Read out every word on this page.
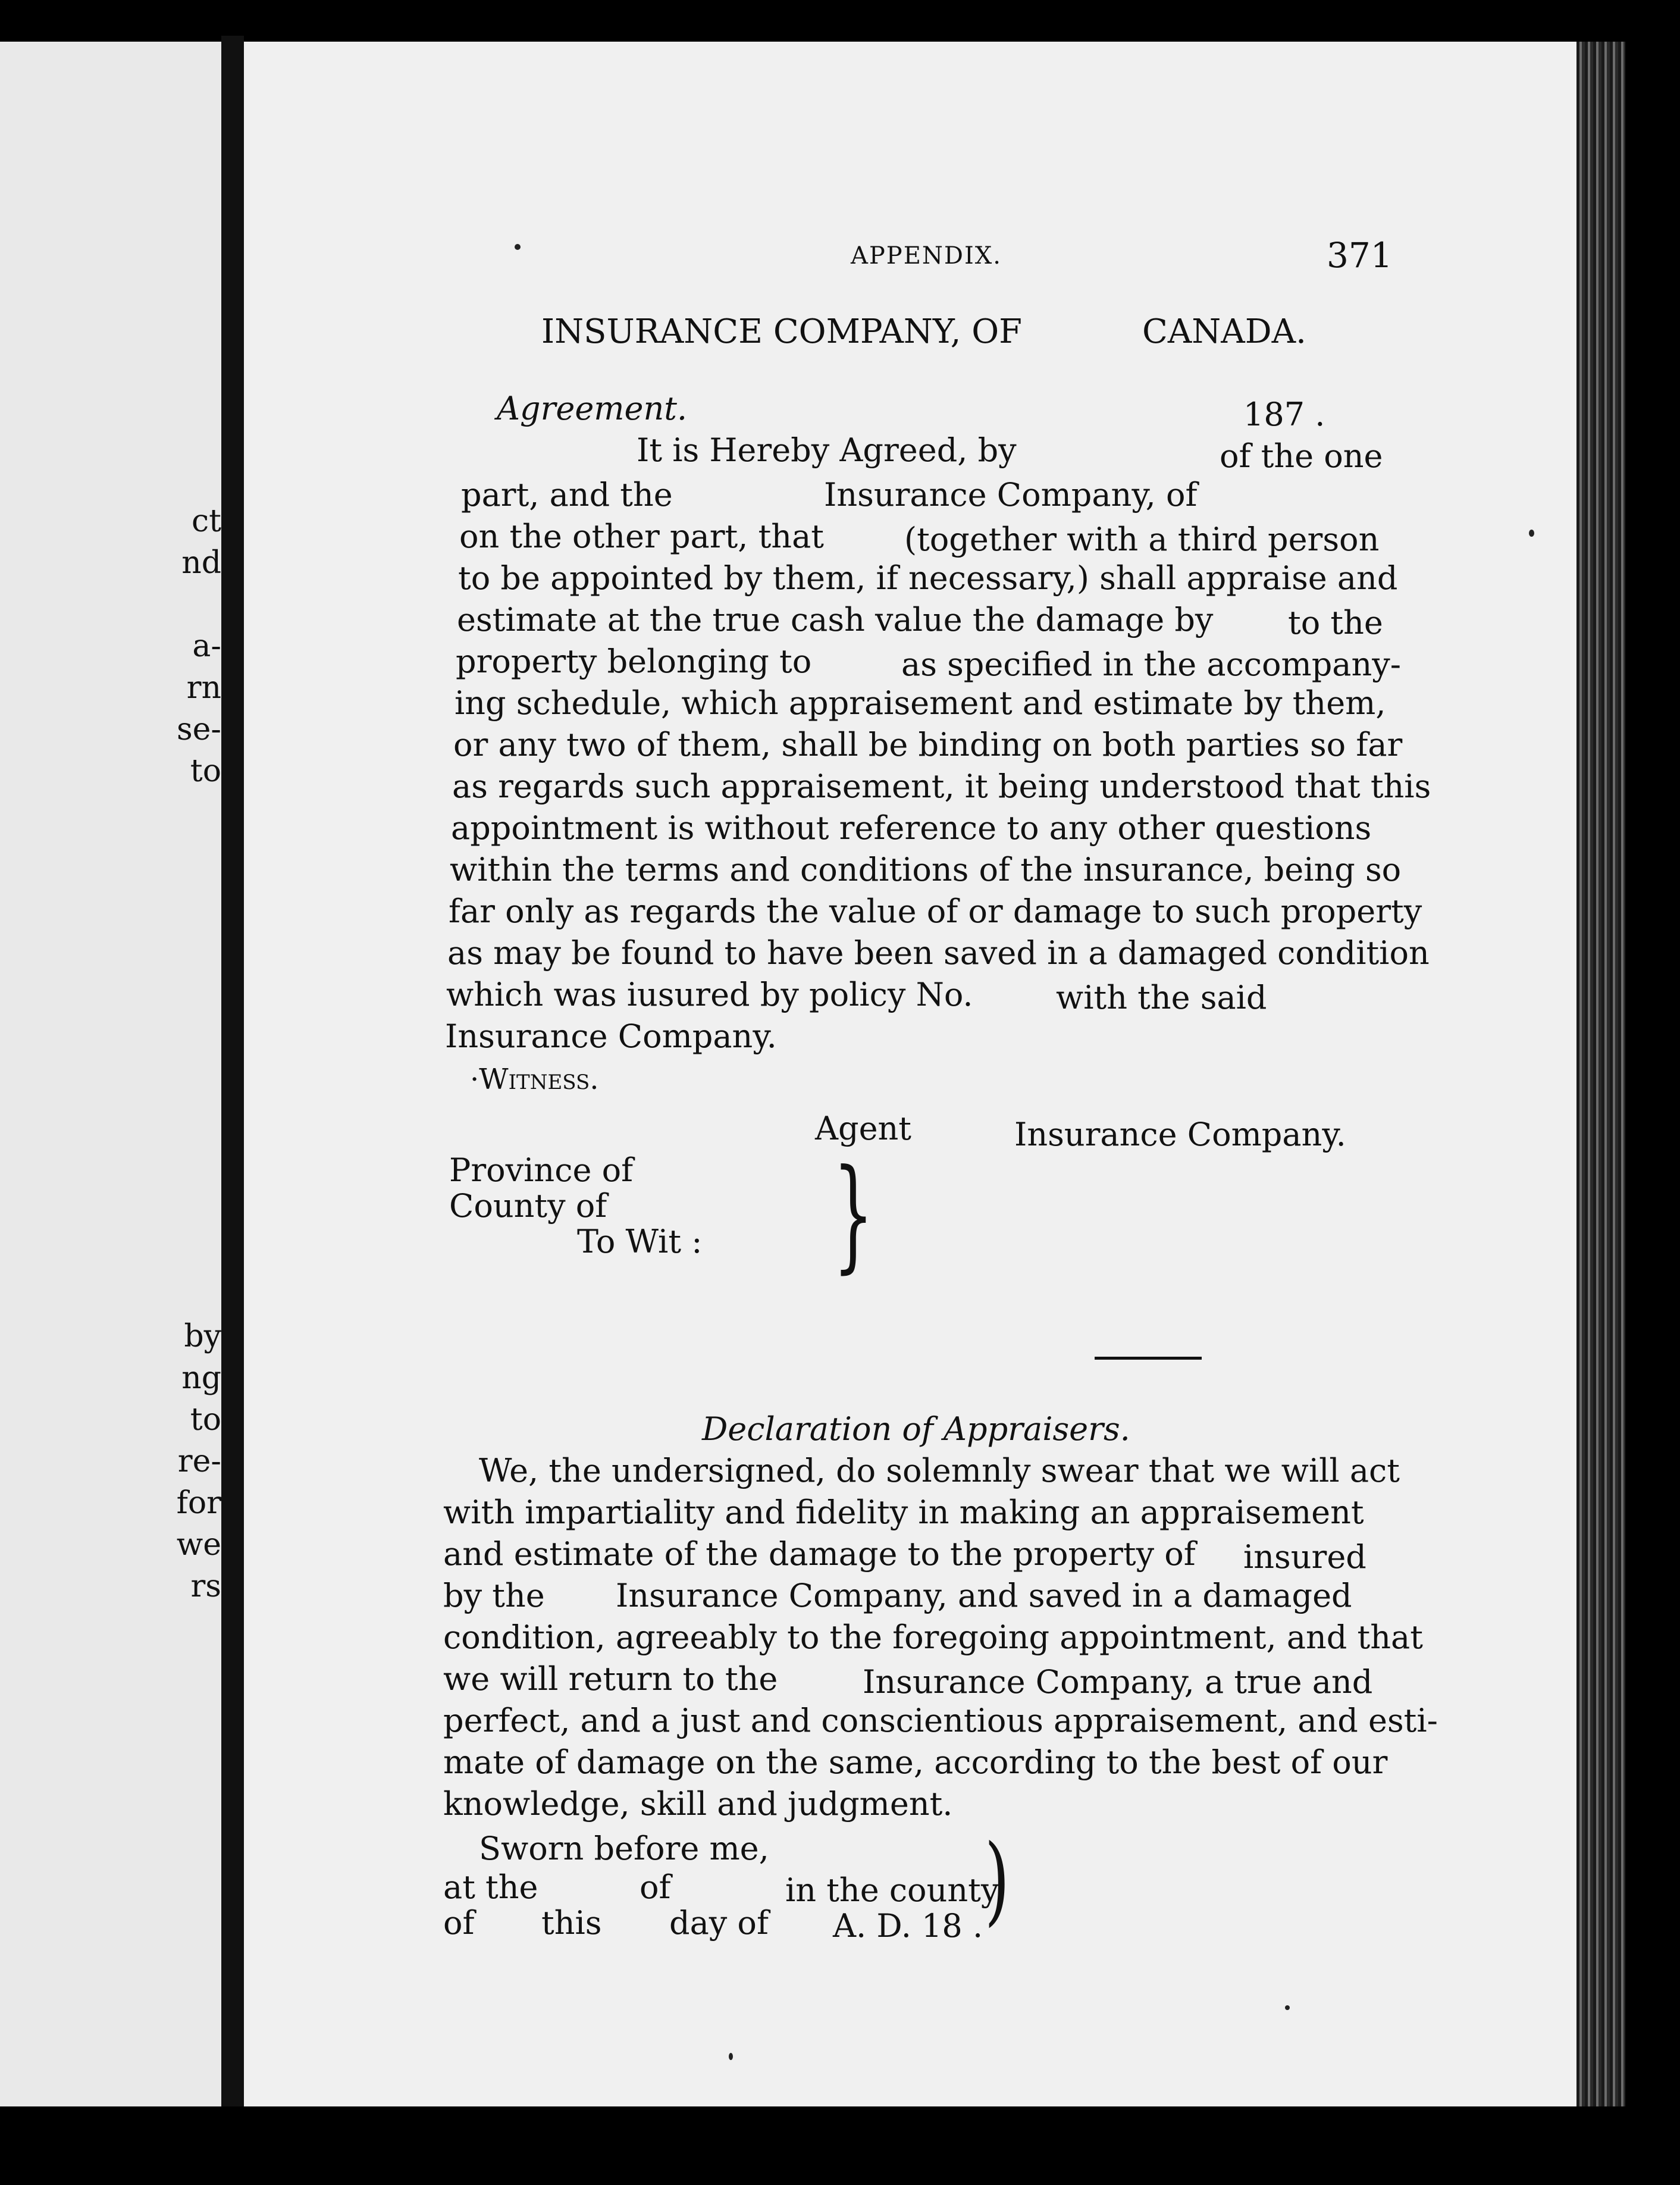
ct
nd
a-
rn
se-
to
by
ng
to
re-
for
we
rs
APPENDIX.	371
INSURANCE COMPANY, OF	CANADA.
Agreement.	187 .
It is Hereby Agreed, by	of the one
part, and the	Insurance Company, of
on the other part, that	(together with a third person
to be appointed by them, if necessary,) shall appraise and
estimate at the true cash value the damage by to the
property belonging to	as specified in the accompany-
ing schedule, which appraisement and estimate by them,
or any two of them, shall be binding on both parties so far
as regards such appraisement, it being understood that this
appointment is without reference to any other questions
within the terms and conditions of the insurance, being so
far only as regards the value of or damage to such property
as may be found to have been saved in a damaged condition
which was iusured by policy No.	with the said
Insurance Company.
·Witness.
Agent	Insurance Company.
Province of
County of
To Wit : }
Declaration of Appraisers.
We, the undersigned, do solemnly swear that we will act
with impartiality and fidelity in making an appraisement
and estimate of the damage to the property of insured
by the Insurance Company, and saved in a damaged
condition, agreeably to the foregoing appointment, and that
we will return to the	Insurance Company, a true and
perfect, and a just and conscientious appraisement, and esti-
mate of damage on the same, according to the best of our
knowledge, skill and judgment.
Sworn before me,
at the	of	in the county
of this day of A. D. 18 . )
